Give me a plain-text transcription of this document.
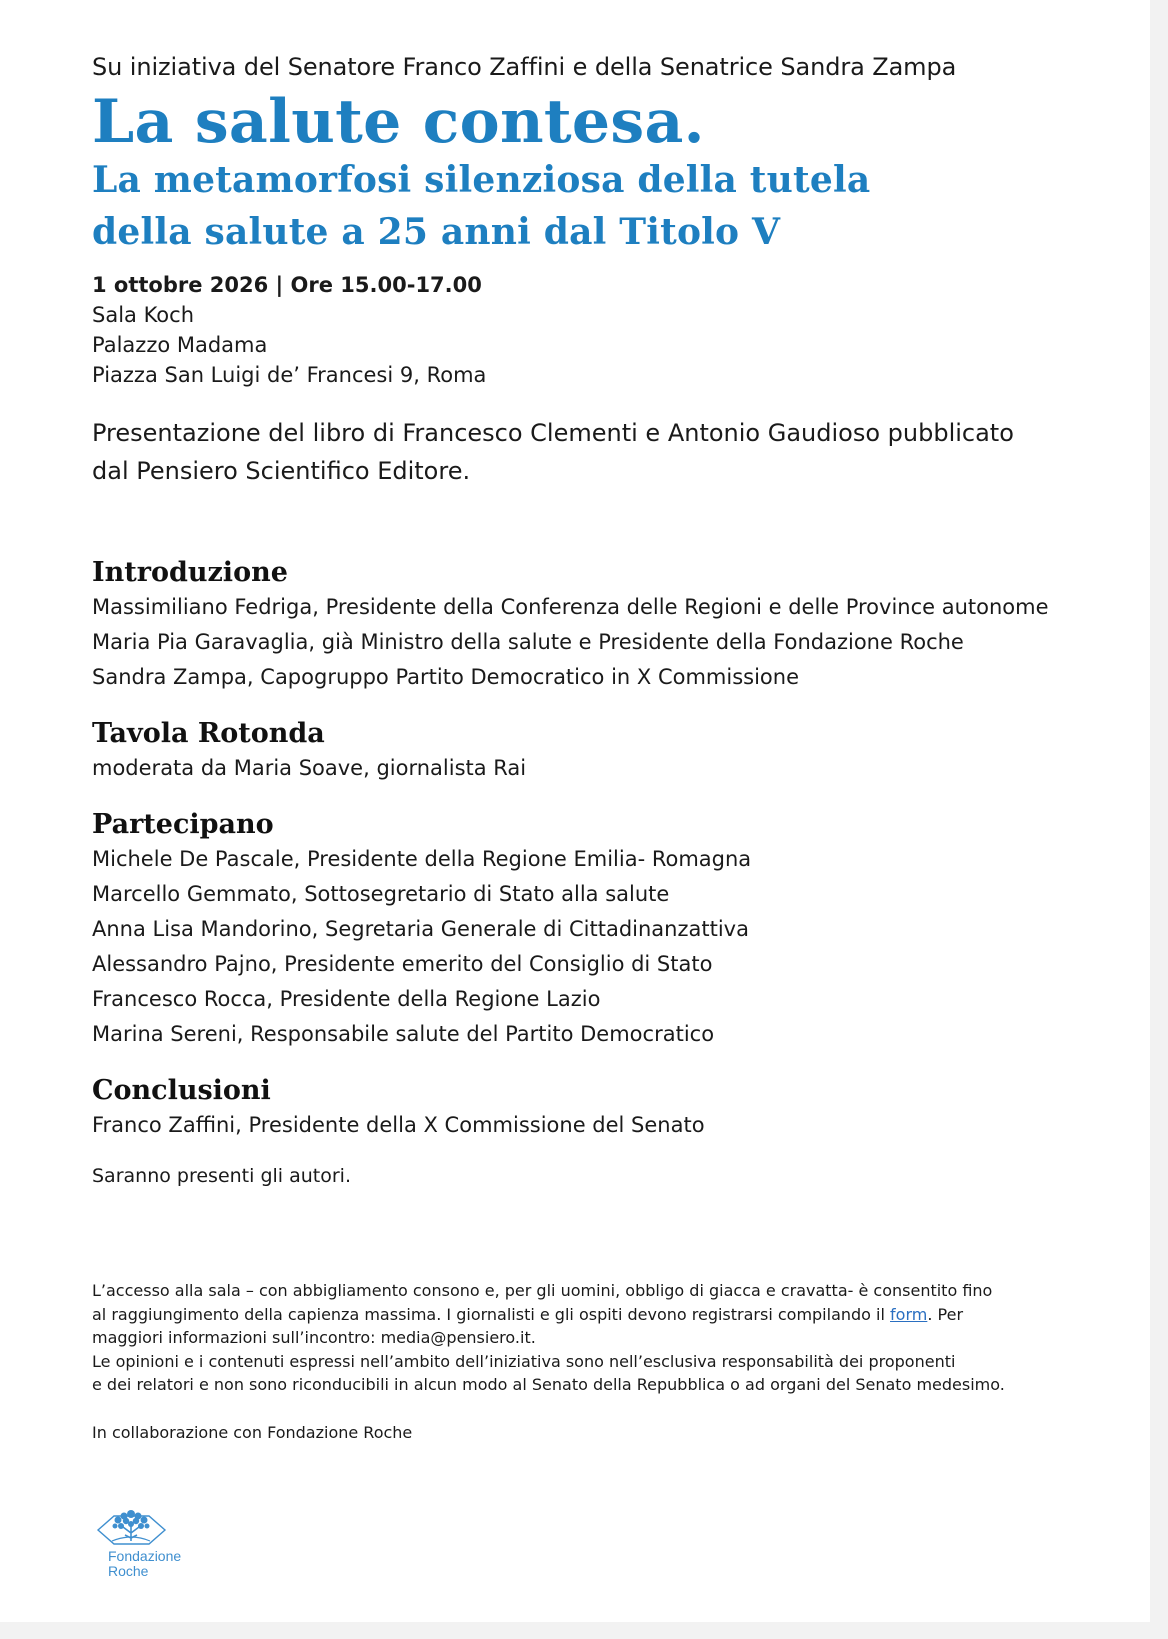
Su iniziativa del Senatore Franco Zaffini e della Senatrice Sandra Zampa

La salute contesa.

La metamorfosi silenziosa della tutela

della salute a 25 anni dal Titolo V

1 ottobre 2026 | Ore 15.00-17.00

Sala Koch

Palazzo Madama

Piazza San Luigi de’ Francesi 9, Roma

Presentazione del libro di Francesco Clementi e Antonio Gaudioso pubblicato
dal Pensiero Scientifico Editore.
Introduzione

Massimiliano Fedriga, Presidente della Conferenza delle Regioni e delle Province autonome

Maria Pia Garavaglia, già Ministro della salute e Presidente della Fondazione Roche

Sandra Zampa, Capogruppo Partito Democratico in X Commissione

Tavola Rotonda

moderata da Maria Soave, giornalista Rai

Partecipano

Michele De Pascale, Presidente della Regione Emilia- Romagna

Marcello Gemmato, Sottosegretario di Stato alla salute

Anna Lisa Mandorino, Segretaria Generale di Cittadinanzattiva

Alessandro Pajno, Presidente emerito del Consiglio di Stato

Francesco Rocca, Presidente della Regione Lazio

Marina Sereni, Responsabile salute del Partito Democratico

Conclusioni

Franco Zaffini, Presidente della X Commissione del Senato

Saranno presenti gli autori.

L’accesso alla sala – con abbigliamento consono e, per gli uomini, obbligo di giacca e cravatta- è consentito fino
al raggiungimento della capienza massima. I giornalisti e gli ospiti devono registrarsi compilando il form. Per
maggiori informazioni sull’incontro: media@pensiero.it.
Le opinioni e i contenuti espressi nell’ambito dell’iniziativa sono nell’esclusiva responsabilità dei proponenti
e dei relatori e non sono riconducibili in alcun modo al Senato della Repubblica o ad organi del Senato medesimo.

In collaborazione con Fondazione Roche

Fondazione
Roche
